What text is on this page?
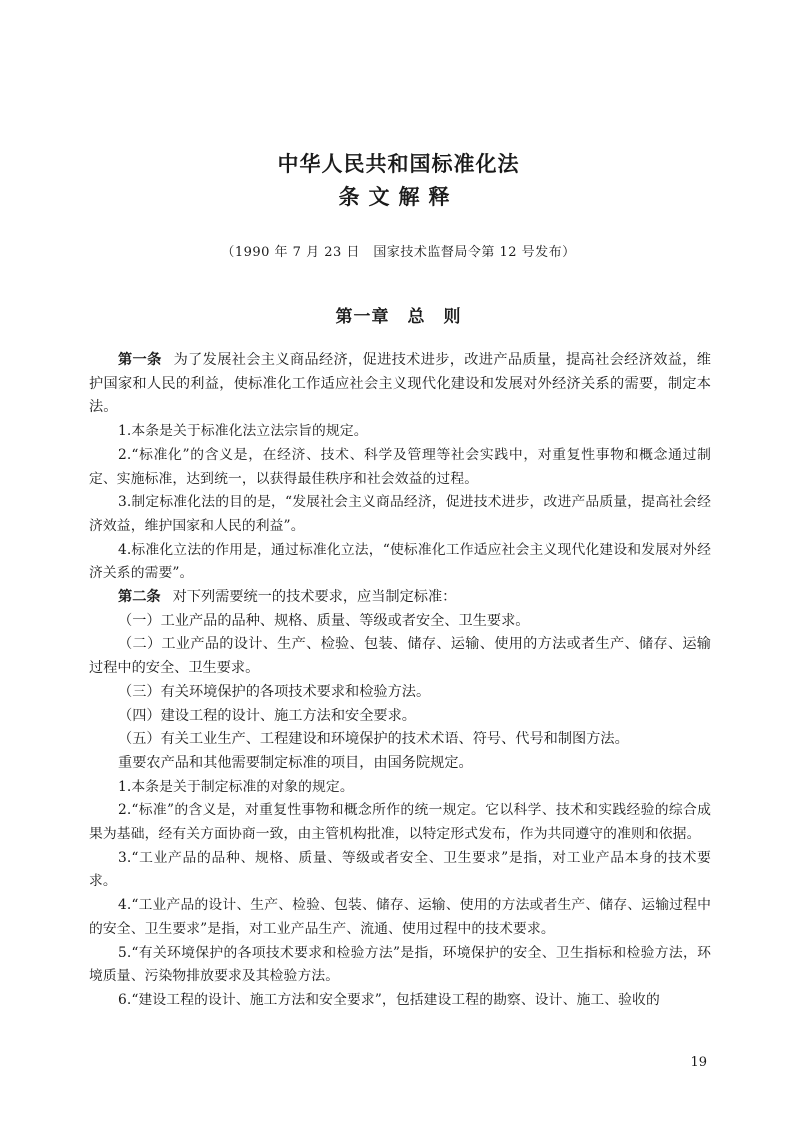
中华人民共和国标准化法
条文解释
（1990 年 7 月 23 日　国家技术监督局令第 12 号发布）
第一章　总　则

第一条 为了发展社会主义商品经济，促进技术进步，改进产品质量，提高社会经济效益，维护国家和人民的利益，使标准化工作适应社会主义现代化建设和发展对外经济关系的需要，制定本法。

1.本条是关于标准化法立法宗旨的规定。

2.“标准化”的含义是，在经济、技术、科学及管理等社会实践中，对重复性事物和概念通过制定、实施标准，达到统一，以获得最佳秩序和社会效益的过程。

3.制定标准化法的目的是，“发展社会主义商品经济，促进技术进步，改进产品质量，提高社会经济效益，维护国家和人民的利益”。

4.标准化立法的作用是，通过标准化立法，“使标准化工作适应社会主义现代化建设和发展对外经济关系的需要”。

第二条 对下列需要统一的技术要求，应当制定标准：

（一）工业产品的品种、规格、质量、等级或者安全、卫生要求。

（二）工业产品的设计、生产、检验、包装、储存、运输、使用的方法或者生产、储存、运输过程中的安全、卫生要求。

（三）有关环境保护的各项技术要求和检验方法。

（四）建设工程的设计、施工方法和安全要求。

（五）有关工业生产、工程建设和环境保护的技术术语、符号、代号和制图方法。

重要农产品和其他需要制定标准的项目，由国务院规定。

1.本条是关于制定标准的对象的规定。

2.“标准”的含义是，对重复性事物和概念所作的统一规定。它以科学、技术和实践经验的综合成果为基础，经有关方面协商一致，由主管机构批准，以特定形式发布，作为共同遵守的准则和依据。

3.“工业产品的品种、规格、质量、等级或者安全、卫生要求”是指，对工业产品本身的技术要求。

4.“工业产品的设计、生产、检验、包装、储存、运输、使用的方法或者生产、储存、运输过程中的安全、卫生要求”是指，对工业产品生产、流通、使用过程中的技术要求。

5.“有关环境保护的各项技术要求和检验方法”是指，环境保护的安全、卫生指标和检验方法，环境质量、污染物排放要求及其检验方法。

6.“建设工程的设计、施工方法和安全要求”，包括建设工程的勘察、设计、施工、验收的

19
